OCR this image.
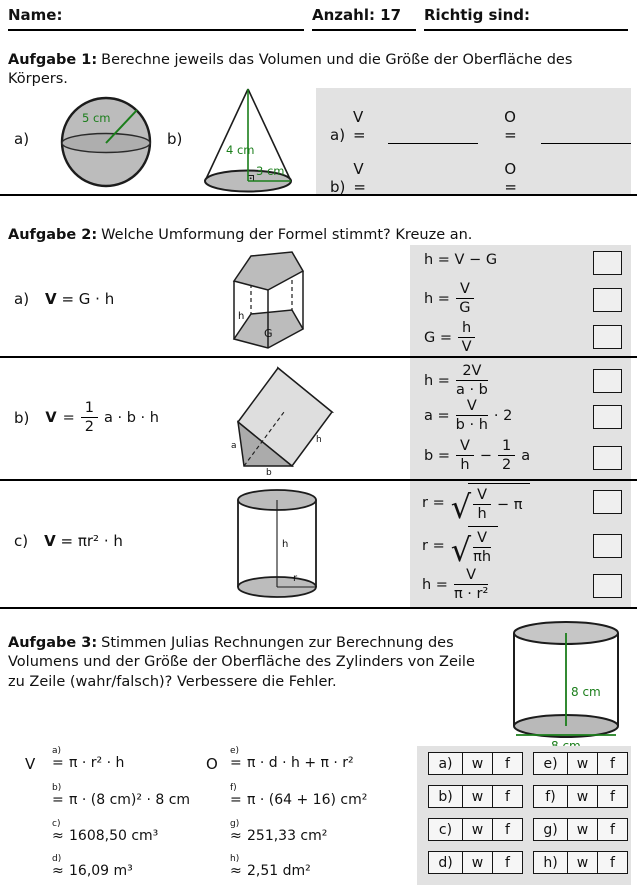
Name:	Anzahl: 17	Richtig sind:

Aufgabe 1: Berechne jeweils das Volumen und die Größe der Oberfläche des Körpers.

a)
5 cm
b)
4 cm
3 cm
a)
V =
O =
b)
V =
O =

Aufgabe 2: Welche Umformung der Formel stimmt? Kreuze an.

a) V = G · h
h
G
h = V − G
$h = \frac{V}{G}$
$G = \frac{h}{V}$
b) $V = \frac{1}{2}$ a · b · h
a
b
h
$h = \frac{2V}{a \cdot b}$
$a = \frac{V}{b \cdot h} \cdot 2$
$b = \frac{V}{h} - \frac{1}{2}$ a
c) V = πr² · h	h
r
r = √ $\frac{V}{h} - \pi$
r = √ $\frac{V}{\pi h}$
$h = \frac{V}{\text{π · r²}}$

Aufgabe 3: Stimmen Julias Rechnungen zur Berechnung des Volumens und der Größe der Oberfläche des Zylinders von Zeile zu Zeile (wahr/falsch)? Verbessere die Fehler.

8 cm
V
a)
= π · r² · h
b)
= π · (8 cm)² · 8 cm
c)
≈ 1608,50 cm³
d)
≈ 16,09 m³
O
e)
= π · d · h + π · r²
f)
= π · (64 + 16) cm²
g)
≈ 251,33 cm²
h)
≈ 2,51 dm²
a)	w	f
b)	w	f
c)	w	f
d)	w	f
e)	w	f
f)	w	f
g)	w	f
h)	w	f
